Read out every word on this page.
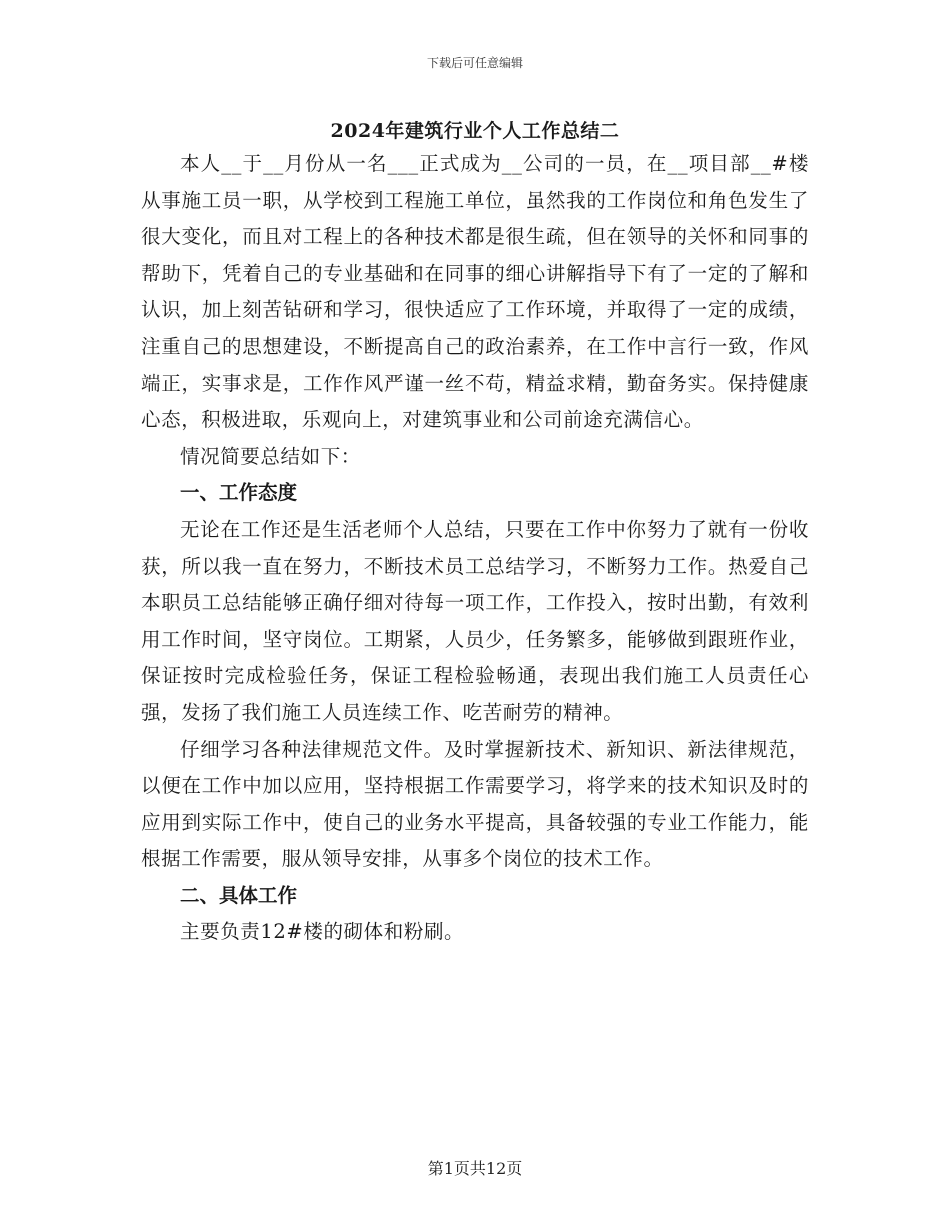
下载后可任意编辑
2024年建筑行业个人工作总结二

本人__于__月份从一名___正式成为__公司的一员，在__项目部__#楼从事施工员一职，从学校到工程施工单位，虽然我的工作岗位和角色发生了很大变化，而且对工程上的各种技术都是很生疏，但在领导的关怀和同事的帮助下，凭着自己的专业基础和在同事的细心讲解指导下有了一定的了解和认识，加上刻苦钻研和学习，很快适应了工作环境，并取得了一定的成绩，注重自己的思想建设，不断提高自己的政治素养，在工作中言行一致，作风端正，实事求是，工作作风严谨一丝不苟，精益求精，勤奋务实。保持健康心态，积极进取，乐观向上，对建筑事业和公司前途充满信心。

情况简要总结如下：

一、工作态度

无论在工作还是生活老师个人总结，只要在工作中你努力了就有一份收获，所以我一直在努力，不断技术员工总结学习，不断努力工作。热爱自己本职员工总结能够正确仔细对待每一项工作，工作投入，按时出勤，有效利用工作时间，坚守岗位。工期紧，人员少，任务繁多，能够做到跟班作业，保证按时完成检验任务，保证工程检验畅通，表现出我们施工人员责任心强，发扬了我们施工人员连续工作、吃苦耐劳的精神。

仔细学习各种法律规范文件。及时掌握新技术、新知识、新法律规范，以便在工作中加以应用，坚持根据工作需要学习，将学来的技术知识及时的应用到实际工作中，使自己的业务水平提高，具备较强的专业工作能力，能根据工作需要，服从领导安排，从事多个岗位的技术工作。

二、具体工作

主要负责12#楼的砌体和粉刷。

第1页共12页
